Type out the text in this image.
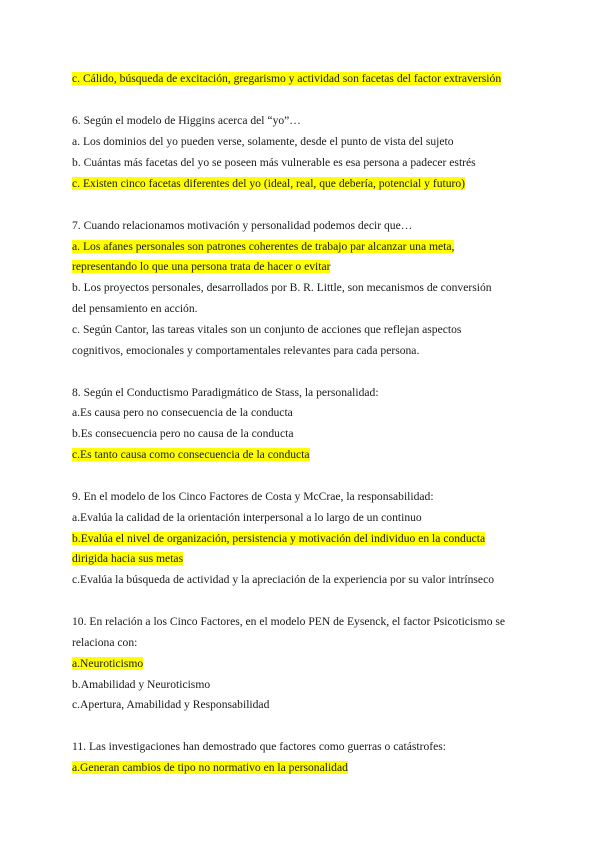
c. Cálido, búsqueda de excitación, gregarismo y actividad son facetas del factor extraversión
6. Según el modelo de Higgins acerca del “yo”…
a. Los dominios del yo pueden verse, solamente, desde el punto de vista del sujeto
b. Cuántas más facetas del yo se poseen más vulnerable es esa persona a padecer estrés
c. Existen cinco facetas diferentes del yo (ideal, real, que debería, potencial y futuro)
7. Cuando relacionamos motivación y personalidad podemos decir que…
a. Los afanes personales son patrones coherentes de trabajo par alcanzar una meta,
representando lo que una persona trata de hacer o evitar
b. Los proyectos personales, desarrollados por B. R. Little, son mecanismos de conversión
del pensamiento en acción.
c. Según Cantor, las tareas vitales son un conjunto de acciones que reflejan aspectos
cognitivos, emocionales y comportamentales relevantes para cada persona.
8. Según el Conductismo Paradigmático de Stass, la personalidad:
a.Es causa pero no consecuencia de la conducta
b.Es consecuencia pero no causa de la conducta
c.Es tanto causa como consecuencia de la conducta
9. En el modelo de los Cinco Factores de Costa y McCrae, la responsabilidad:
a.Evalúa la calidad de la orientación interpersonal a lo largo de un continuo
b.Evalúa el nivel de organización, persistencia y motivación del individuo en la conducta
dirigida hacia sus metas
c.Evalúa la búsqueda de actividad y la apreciación de la experiencia por su valor intrínseco
10. En relación a los Cinco Factores, en el modelo PEN de Eysenck, el factor Psicoticismo se
relaciona con:
a.Neuroticismo
b.Amabilidad y Neuroticismo
c.Apertura, Amabilidad y Responsabilidad
11. Las investigaciones han demostrado que factores como guerras o catástrofes:
a.Generan cambios de tipo no normativo en la personalidad
